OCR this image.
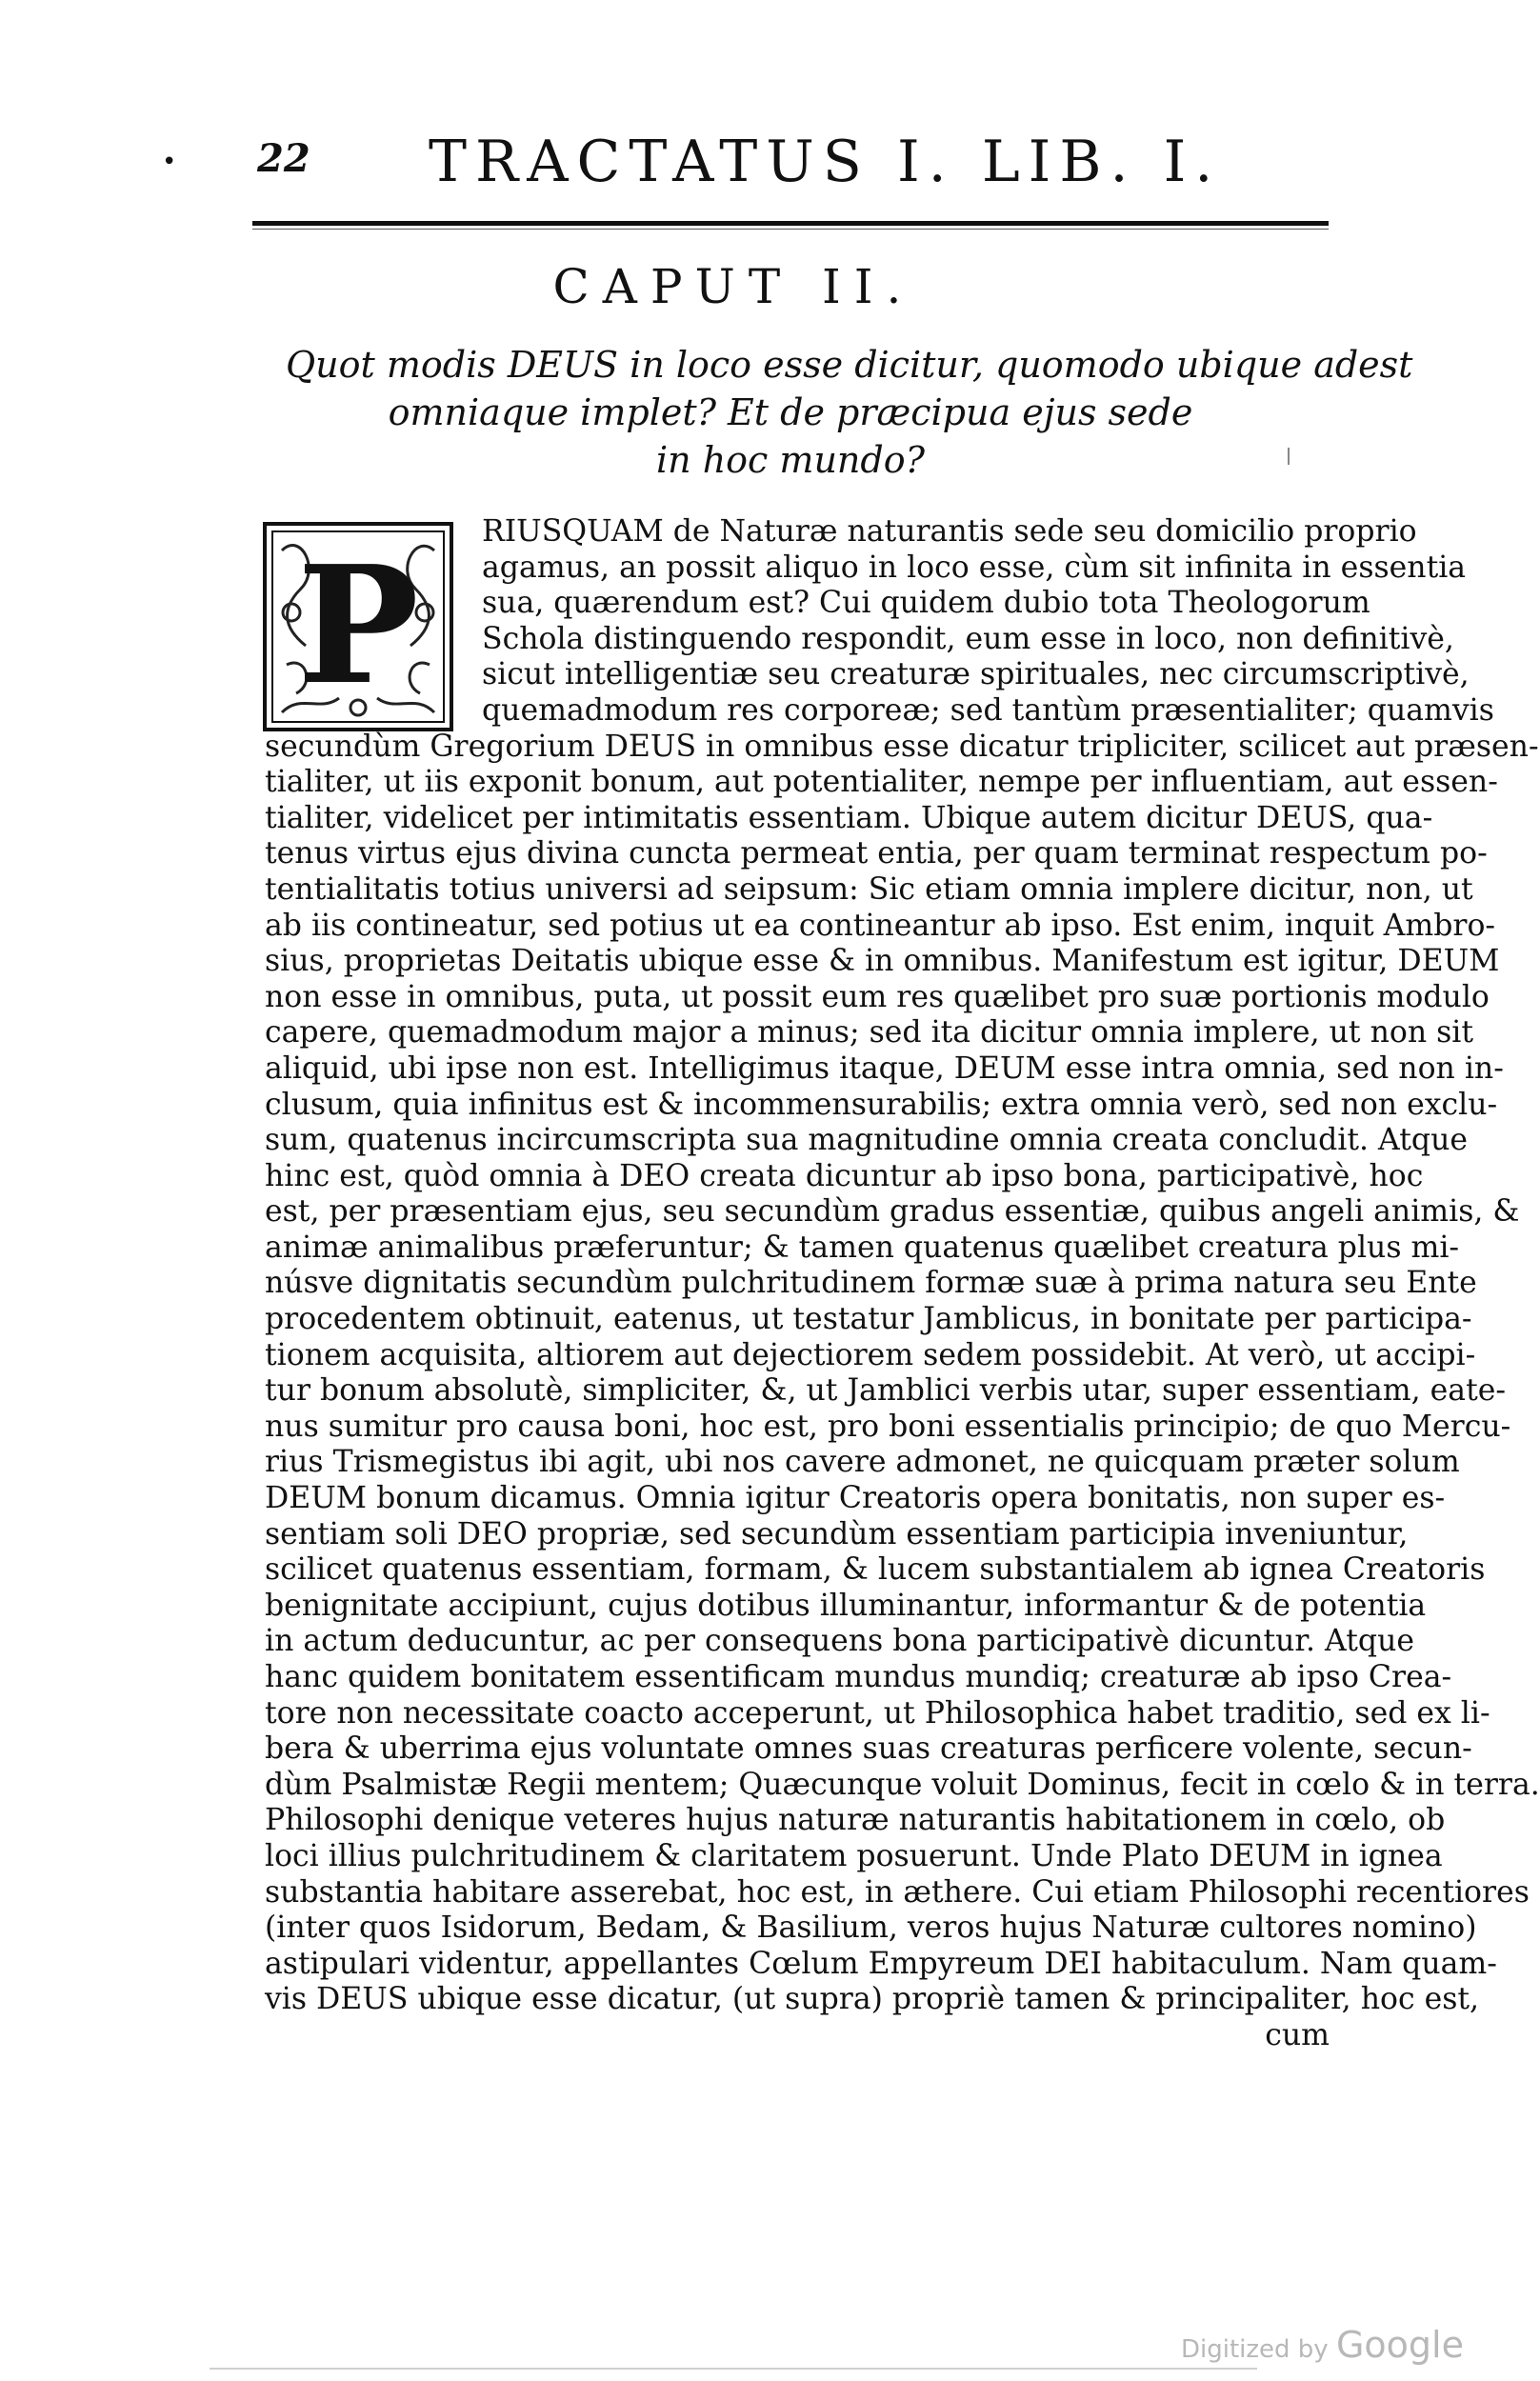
• 22 TRACTATUS I. LIB. I.
CAPUT II.
Quot modis DEUS in loco esse dicitur, quomodo ubique adest
omniaque implet? Et de præcipua ejus sede
in hoc mundo?
P	RIUSQUAM de Naturæ naturantis sede seu domicilio proprio
agamus, an possit aliquo in loco esse, cùm sit infinita in essentia
sua, quærendum est? Cui quidem dubio tota Theologorum
Schola distinguendo respondit, eum esse in loco, non definitivè,
sicut intelligentiæ seu creaturæ spirituales, nec circumscriptivè,
quemadmodum res corporeæ; sed tantùm præsentialiter; quamvis
secundùm Gregorium DEUS in omnibus esse dicatur tripliciter, scilicet aut præsen-
tialiter, ut iis exponit bonum, aut potentialiter, nempe per influentiam, aut essen-
tialiter, videlicet per intimitatis essentiam. Ubique autem dicitur DEUS, qua-
tenus virtus ejus divina cuncta permeat entia, per quam terminat respectum po-
tentialitatis totius universi ad seipsum: Sic etiam omnia implere dicitur, non, ut
ab iis contineatur, sed potius ut ea contineantur ab ipso. Est enim, inquit Ambro-
sius, proprietas Deitatis ubique esse & in omnibus. Manifestum est igitur, DEUM
non esse in omnibus, puta, ut possit eum res quælibet pro suæ portionis modulo
capere, quemadmodum major a minus; sed ita dicitur omnia implere, ut non sit
aliquid, ubi ipse non est. Intelligimus itaque, DEUM esse intra omnia, sed non in-
clusum, quia infinitus est & incommensurabilis; extra omnia verò, sed non exclu-
sum, quatenus incircumscripta sua magnitudine omnia creata concludit. Atque
hinc est, quòd omnia à DEO creata dicuntur ab ipso bona, participativè, hoc
est, per præsentiam ejus, seu secundùm gradus essentiæ, quibus angeli animis, &
animæ animalibus præferuntur; & tamen quatenus quælibet creatura plus mi-
núsve dignitatis secundùm pulchritudinem formæ suæ à prima natura seu Ente
procedentem obtinuit, eatenus, ut testatur Jamblicus, in bonitate per participa-
tionem acquisita, altiorem aut dejectiorem sedem possidebit. At verò, ut accipi-
tur bonum absolutè, simpliciter, &, ut Jamblici verbis utar, super essentiam, eate-
nus sumitur pro causa boni, hoc est, pro boni essentialis principio; de quo Mercu-
rius Trismegistus ibi agit, ubi nos cavere admonet, ne quicquam præter solum
DEUM bonum dicamus. Omnia igitur Creatoris opera bonitatis, non super es-
sentiam soli DEO propriæ, sed secundùm essentiam participia inveniuntur,
scilicet quatenus essentiam, formam, & lucem substantialem ab ignea Creatoris
benignitate accipiunt, cujus dotibus illuminantur, informantur & de potentia
in actum deducuntur, ac per consequens bona participativè dicuntur. Atque
hanc quidem bonitatem essentificam mundus mundiq; creaturæ ab ipso Crea-
tore non necessitate coacto acceperunt, ut Philosophica habet traditio, sed ex li-
bera & uberrima ejus voluntate omnes suas creaturas perficere volente, secun-
dùm Psalmistæ Regii mentem; Quæcunque voluit Dominus, fecit in cœlo & in terra.
Philosophi denique veteres hujus naturæ naturantis habitationem in cœlo, ob
loci illius pulchritudinem & claritatem posuerunt. Unde Plato DEUM in ignea
substantia habitare asserebat, hoc est, in æthere. Cui etiam Philosophi recentiores
(inter quos Isidorum, Bedam, & Basilium, veros hujus Naturæ cultores nomino)
astipulari videntur, appellantes Cœlum Empyreum DEI habitaculum. Nam quam-
vis DEUS ubique esse dicatur, (ut supra) propriè tamen & principaliter, hoc est,
cum
Digitized by Google
